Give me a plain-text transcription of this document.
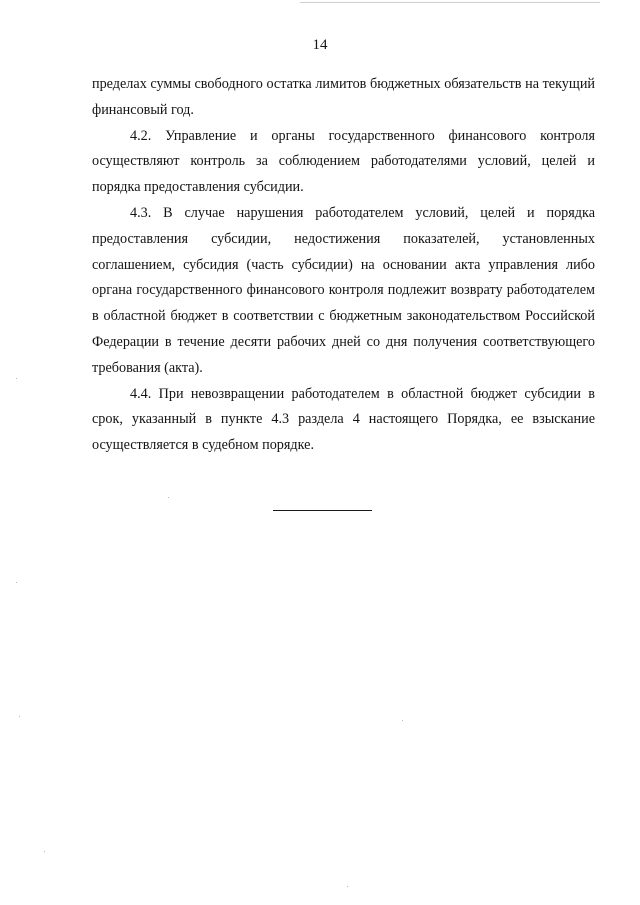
14

пределах суммы свободного остатка лимитов бюджетных обязательств на текущий финансовый год.

4.2. Управление и органы государственного финансового контроля осуществляют контроль за соблюдением работодателями условий, целей и порядка предоставления субсидии.

4.3. В случае нарушения работодателем условий, целей и порядка предоставления субсидии, недостижения показателей, установленных соглашением, субсидия (часть субсидии) на основании акта управления либо органа государственного финансового контроля подлежит возврату работодателем в областной бюджет в соответствии с бюджетным законодательством Российской Федерации в течение десяти рабочих дней со дня получения соответствующего требования (акта).

4.4. При невозвращении работодателем в областной бюджет субсидии в срок, указанный в пункте 4.3 раздела 4 настоящего Порядка, ее взыскание осуществляется в судебном порядке.
